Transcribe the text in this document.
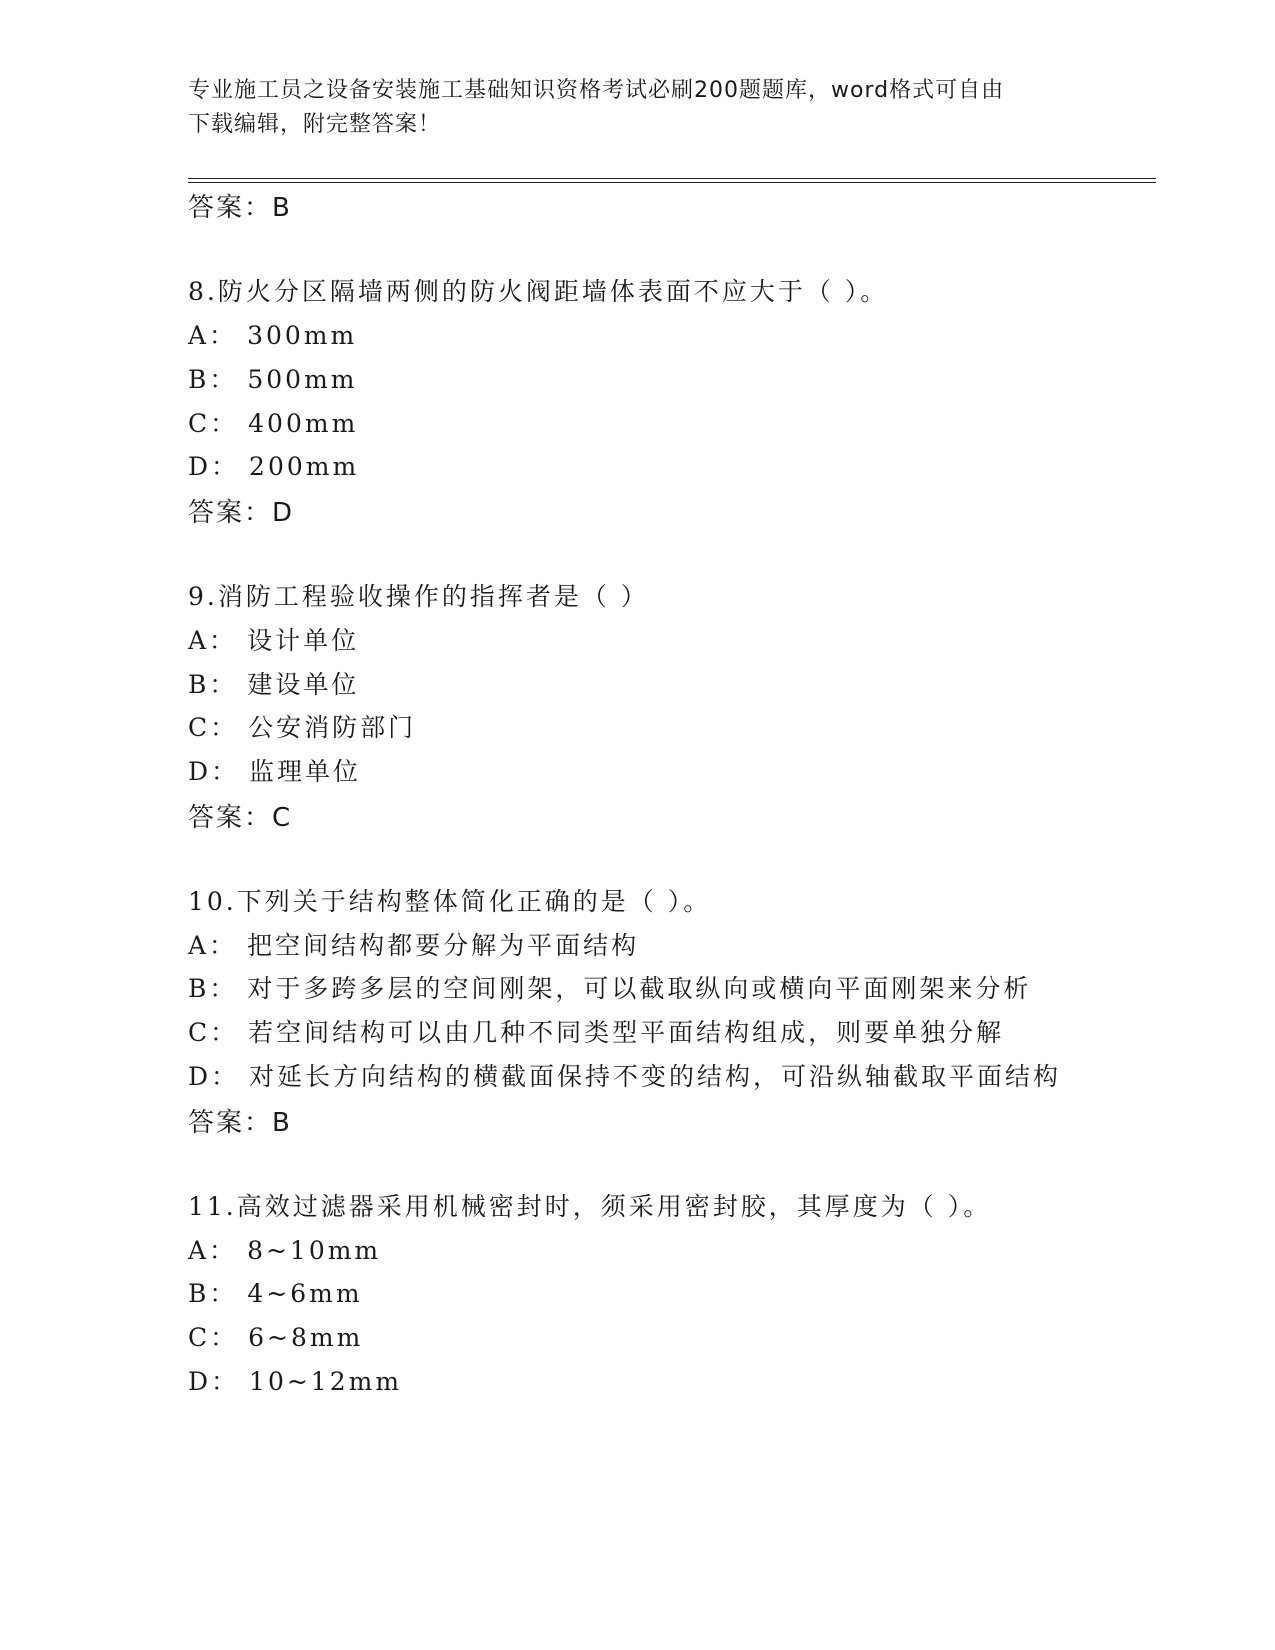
专业施工员之设备安装施工基础知识资格考试必刷200题题库，word格式可自由
下载编辑，附完整答案！
答案：B
8.防火分区隔墙两侧的防火阀距墙体表面不应大于（ ）。
A： 300mm
B： 500mm
C： 400mm
D： 200mm
答案：D
9.消防工程验收操作的指挥者是（ ）
A： 设计单位
B： 建设单位
C： 公安消防部门
D： 监理单位
答案：C
10.下列关于结构整体简化正确的是（ ）。
A： 把空间结构都要分解为平面结构
B： 对于多跨多层的空间刚架，可以截取纵向或横向平面刚架来分析
C： 若空间结构可以由几种不同类型平面结构组成，则要单独分解
D： 对延长方向结构的横截面保持不变的结构，可沿纵轴截取平面结构
答案：B
11.高效过滤器采用机械密封时，须采用密封胶，其厚度为（ ）。
A： 8~10mm
B： 4~6mm
C： 6~8mm
D： 10~12mm
